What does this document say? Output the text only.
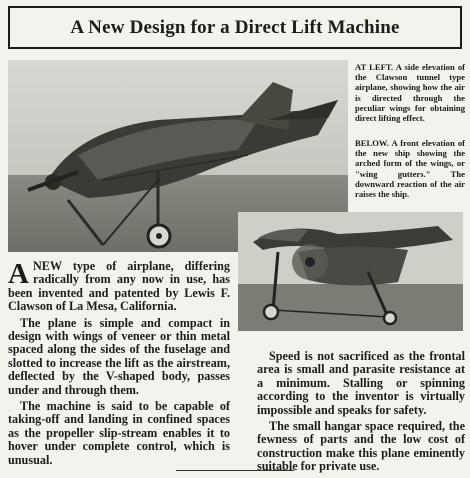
A New Design for a Direct Lift Machine
AT LEFT. A side elevation of the Clawson tunnel type airplane, showing how the air is directed through the peculiar wings for obtaining direct lifting effect.
BELOW. A front elevation of the new ship showing the arched form of the wings, or "wing gutters." The downward reaction of the air raises the ship.

A NEW type of airplane, differing radically from any now in use, has been invented and patented by Lewis F. Clawson of La Mesa, California.

The plane is simple and compact in design with wings of veneer or thin metal spaced along the sides of the fuselage and slotted to increase the lift as the airstream, deflected by the V-shaped body, passes under and through them.

The machine is said to be capable of taking-off and landing in confined spaces as the propeller slip-stream enables it to hover under complete control, which is unusual.

Speed is not sacrificed as the frontal area is small and parasite resistance at a minimum. Stalling or spinning according to the inventor is virtually impossible and speaks for safety.

The small hangar space required, the fewness of parts and the low cost of construction make this plane eminently suitable for private use.
